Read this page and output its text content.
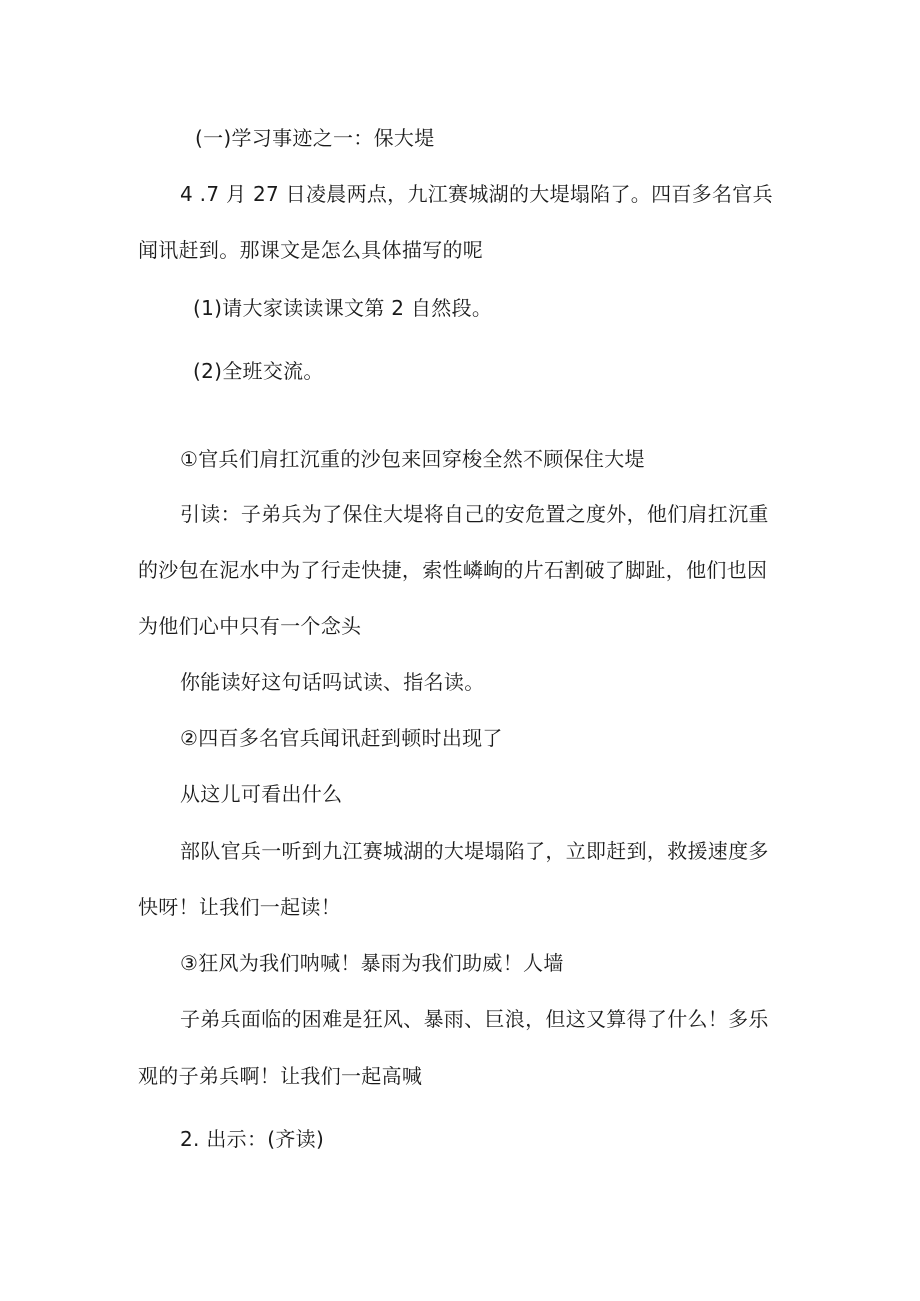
(一)学习事迹之一：保大堤
4 .7 月 27 日凌晨两点，九江赛城湖的大堤塌陷了。四百多名官兵
闻讯赶到。那课文是怎么具体描写的呢
(1)请大家读读课文第 2 自然段。
(2)全班交流。
①官兵们肩扛沉重的沙包来回穿梭全然不顾保住大堤
引读：子弟兵为了保住大堤将自己的安危置之度外，他们肩扛沉重
的沙包在泥水中为了行走快捷，索性嶙峋的片石割破了脚趾，他们也因
为他们心中只有一个念头
你能读好这句话吗试读、指名读。
②四百多名官兵闻讯赶到顿时出现了
从这儿可看出什么
部队官兵一听到九江赛城湖的大堤塌陷了，立即赶到，救援速度多
快呀！让我们一起读！
③狂风为我们呐喊！暴雨为我们助威！人墙
子弟兵面临的困难是狂风、暴雨、巨浪，但这又算得了什么！多乐
观的子弟兵啊！让我们一起高喊
2. 出示：(齐读)
